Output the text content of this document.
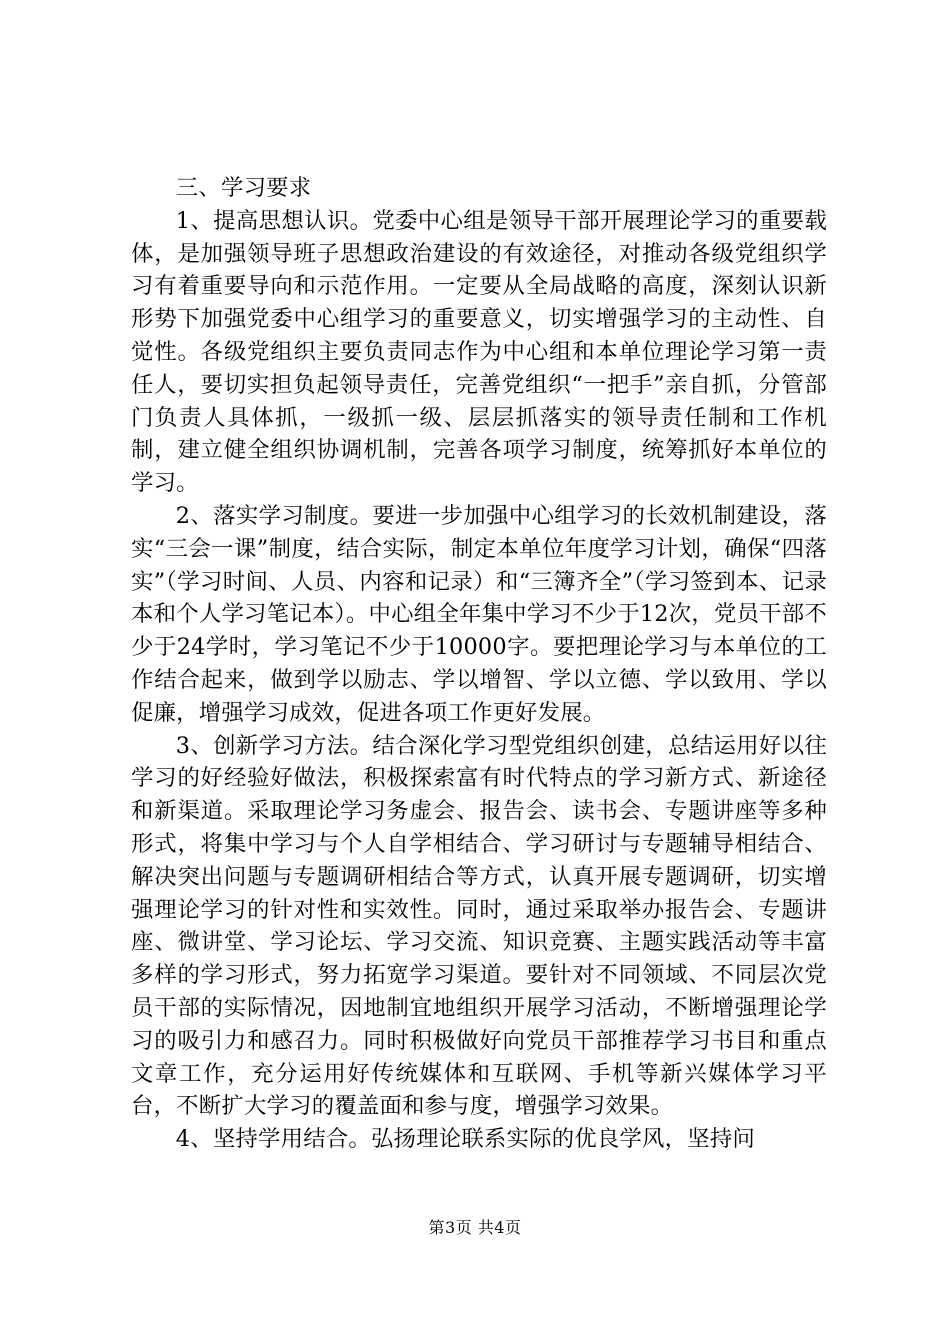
三、学习要求

1、提高思想认识。党委中心组是领导干部开展理论学习的重要载体，是加强领导班子思想政治建设的有效途径，对推动各级党组织学习有着重要导向和示范作用。一定要从全局战略的高度，深刻认识新形势下加强党委中心组学习的重要意义，切实增强学习的主动性、自觉性。各级党组织主要负责同志作为中心组和本单位理论学习第一责任人，要切实担负起领导责任，完善党组织“一把手”亲自抓，分管部门负责人具体抓，一级抓一级、层层抓落实的领导责任制和工作机制，建立健全组织协调机制，完善各项学习制度，统筹抓好本单位的学习。

2、落实学习制度。要进一步加强中心组学习的长效机制建设，落实“三会一课”制度，结合实际，制定本单位年度学习计划，确保“四落实”（学习时间、人员、内容和记录）和“三簿齐全”（学习签到本、记录本和个人学习笔记本）。中心组全年集中学习不少于12次，党员干部不少于24学时，学习笔记不少于10000字。要把理论学习与本单位的工作结合起来，做到学以励志、学以增智、学以立德、学以致用、学以促廉，增强学习成效，促进各项工作更好发展。

3、创新学习方法。结合深化学习型党组织创建，总结运用好以往学习的好经验好做法，积极探索富有时代特点的学习新方式、新途径和新渠道。采取理论学习务虚会、报告会、读书会、专题讲座等多种形式，将集中学习与个人自学相结合、学习研讨与专题辅导相结合、解决突出问题与专题调研相结合等方式，认真开展专题调研，切实增强理论学习的针对性和实效性。同时，通过采取举办报告会、专题讲座、微讲堂、学习论坛、学习交流、知识竞赛、主题实践活动等丰富多样的学习形式，努力拓宽学习渠道。要针对不同领域、不同层次党员干部的实际情况，因地制宜地组织开展学习活动，不断增强理论学习的吸引力和感召力。同时积极做好向党员干部推荐学习书目和重点文章工作，充分运用好传统媒体和互联网、手机等新兴媒体学习平台，不断扩大学习的覆盖面和参与度，增强学习效果。

4、坚持学用结合。弘扬理论联系实际的优良学风，坚持问

第3页 共4页
